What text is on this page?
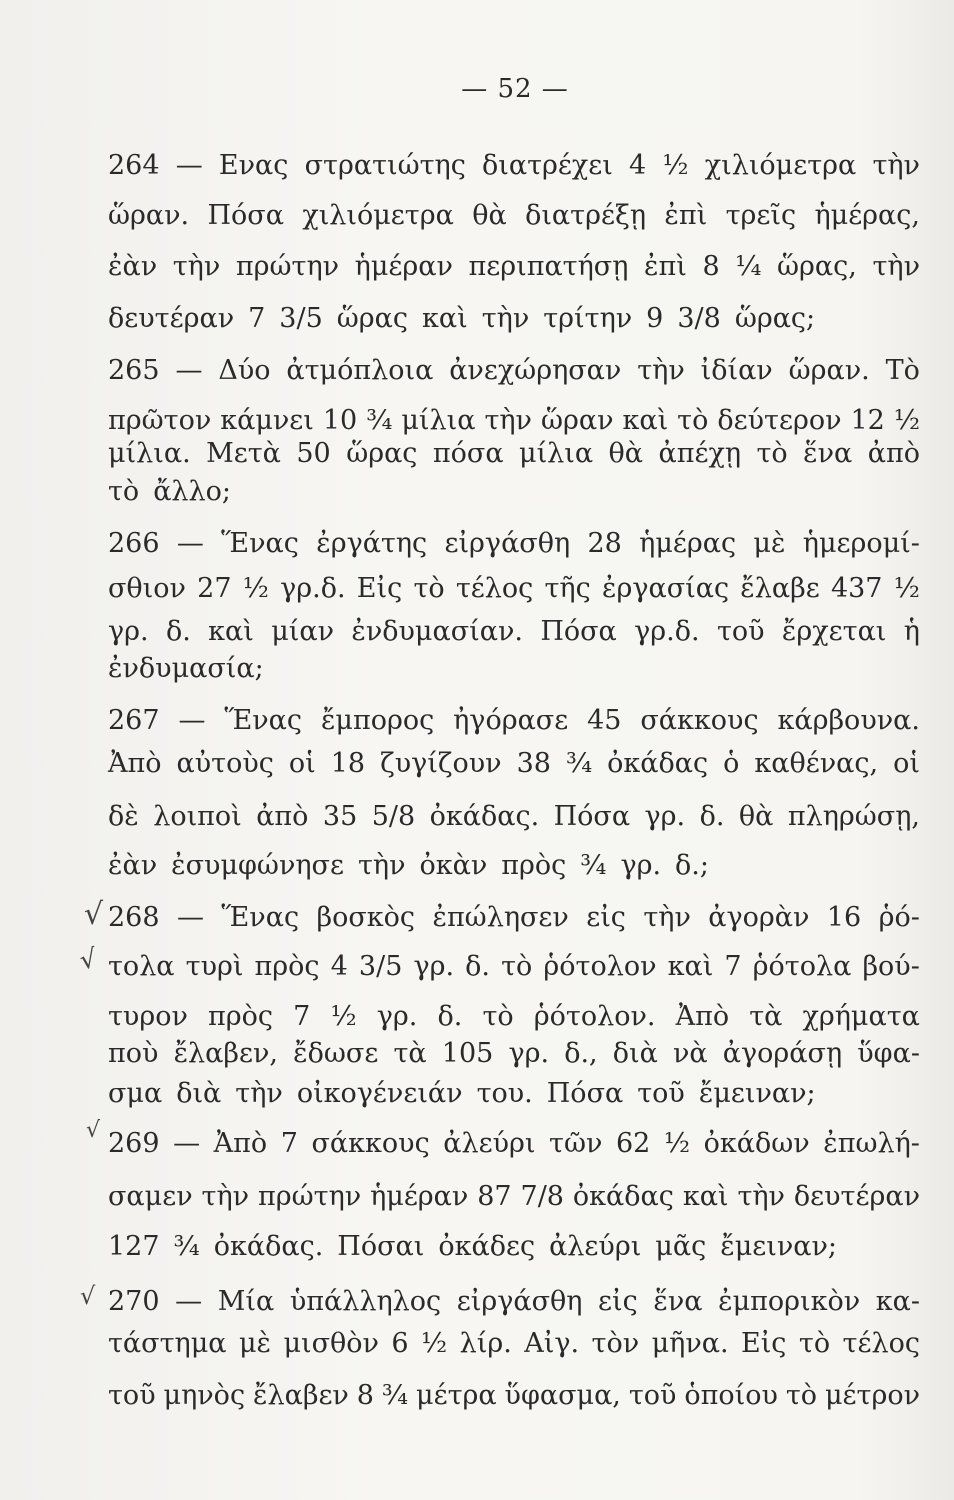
— 52 —
√
√
√
√
264 — Ενας στρατιώτης διατρέχει 4 ½ χιλιόμετρα τὴν
ὥραν. Πόσα χιλιόμετρα θὰ διατρέξῃ ἐπὶ τρεῖς ἡμέρας,
ἐὰν τὴν πρώτην ἡμέραν περιπατήσῃ ἐπὶ 8 ¼ ὥρας, τὴν
δευτέραν 7 3/5 ὥρας καὶ τὴν τρίτην 9 3/8 ὥρας;
265 — Δύο ἀτμόπλοια ἀνεχώρησαν τὴν ἰδίαν ὥραν. Τὸ
πρῶτον κάμνει 10 ¾ μίλια τὴν ὥραν καὶ τὸ δεύτερον 12 ½
μίλια. Μετὰ 50 ὥρας πόσα μίλια θὰ ἀπέχῃ τὸ ἕνα ἀπὸ
τὸ ἄλλο;
266 — Ἕνας ἐργάτης εἰργάσθη 28 ἡμέρας μὲ ἡμερομί-
σθιον 27 ½ γρ.δ. Εἰς τὸ τέλος τῆς ἐργασίας ἔλαβε 437 ½
γρ. δ. καὶ μίαν ἐνδυμασίαν. Πόσα γρ.δ. τοῦ ἔρχεται ἡ
ἐνδυμασία;
267 — Ἕνας ἔμπορος ἠγόρασε 45 σάκκους κάρβουνα.
Ἀπὸ αὐτοὺς οἱ 18 ζυγίζουν 38 ¾ ὀκάδας ὁ καθένας, οἱ
δὲ λοιποὶ ἀπὸ 35 5/8 ὀκάδας. Πόσα γρ. δ. θὰ πληρώσῃ,
ἐὰν ἐσυμφώνησε τὴν ὀκὰν πρὸς ¾ γρ. δ.;
268 — Ἕνας βοσκὸς ἐπώλησεν εἰς τὴν ἀγορὰν 16 ῥό-
τολα τυρὶ πρὸς 4 3/5 γρ. δ. τὸ ῥότολον καὶ 7 ῥότολα βού-
τυρον πρὸς 7 ½ γρ. δ. τὸ ῥότολον. Ἀπὸ τὰ χρήματα
ποὺ ἔλαβεν, ἔδωσε τὰ 105 γρ. δ., διὰ νὰ ἀγοράσῃ ὕφα-
σμα διὰ τὴν οἰκογένειάν του. Πόσα τοῦ ἔμειναν;
269 — Ἀπὸ 7 σάκκους ἀλεύρι τῶν 62 ½ ὀκάδων ἐπωλή-
σαμεν τὴν πρώτην ἡμέραν 87 7/8 ὀκάδας καὶ τὴν δευτέραν
127 ¾ ὀκάδας. Πόσαι ὀκάδες ἀλεύρι μᾶς ἔμειναν;
270 — Μία ὑπάλληλος εἰργάσθη εἰς ἕνα ἐμπορικὸν κα-
τάστημα μὲ μισθὸν 6 ½ λίρ. Αἰγ. τὸν μῆνα. Εἰς τὸ τέλος
τοῦ μηνὸς ἔλαβεν 8 ¾ μέτρα ὕφασμα, τοῦ ὁποίου τὸ μέτρον
